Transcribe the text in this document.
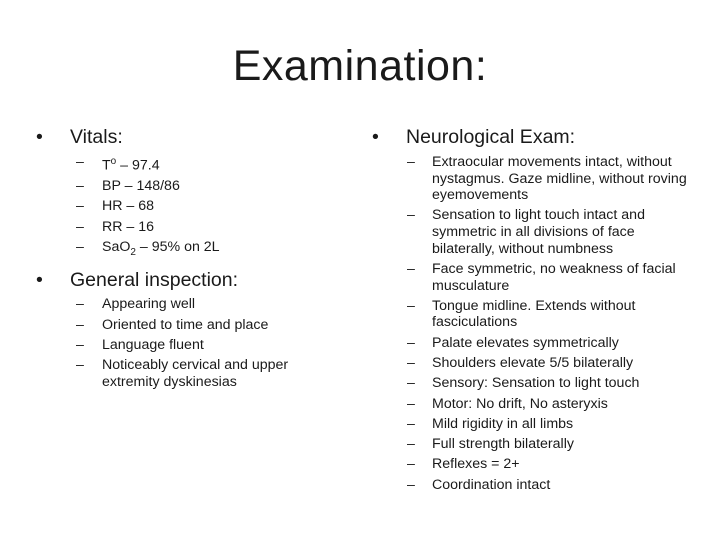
Examination:
• Vitals:
– $T^o - 97.4$
– BP – 148/86
– HR – 68
– RR – 16
– SaO$_2$ – 95% on 2L
• General inspection:
– Appearing well
– Oriented to time and place
– Language fluent
– Noticeably cervical and upper extremity dyskinesias
• Neurological Exam:
– Extraocular movements intact, without nystagmus. Gaze midline, without roving eyemovements
– Sensation to light touch intact and symmetric in all divisions of face bilaterally, without numbness
– Face symmetric, no weakness of facial musculature
– Tongue midline. Extends without fasciculations
– Palate elevates symmetrically
– Shoulders elevate 5/5 bilaterally
– Sensory: Sensation to light touch
– Motor: No drift, No asteryxis
– Mild rigidity in all limbs
– Full strength bilaterally
– Reflexes = 2+
– Coordination intact
